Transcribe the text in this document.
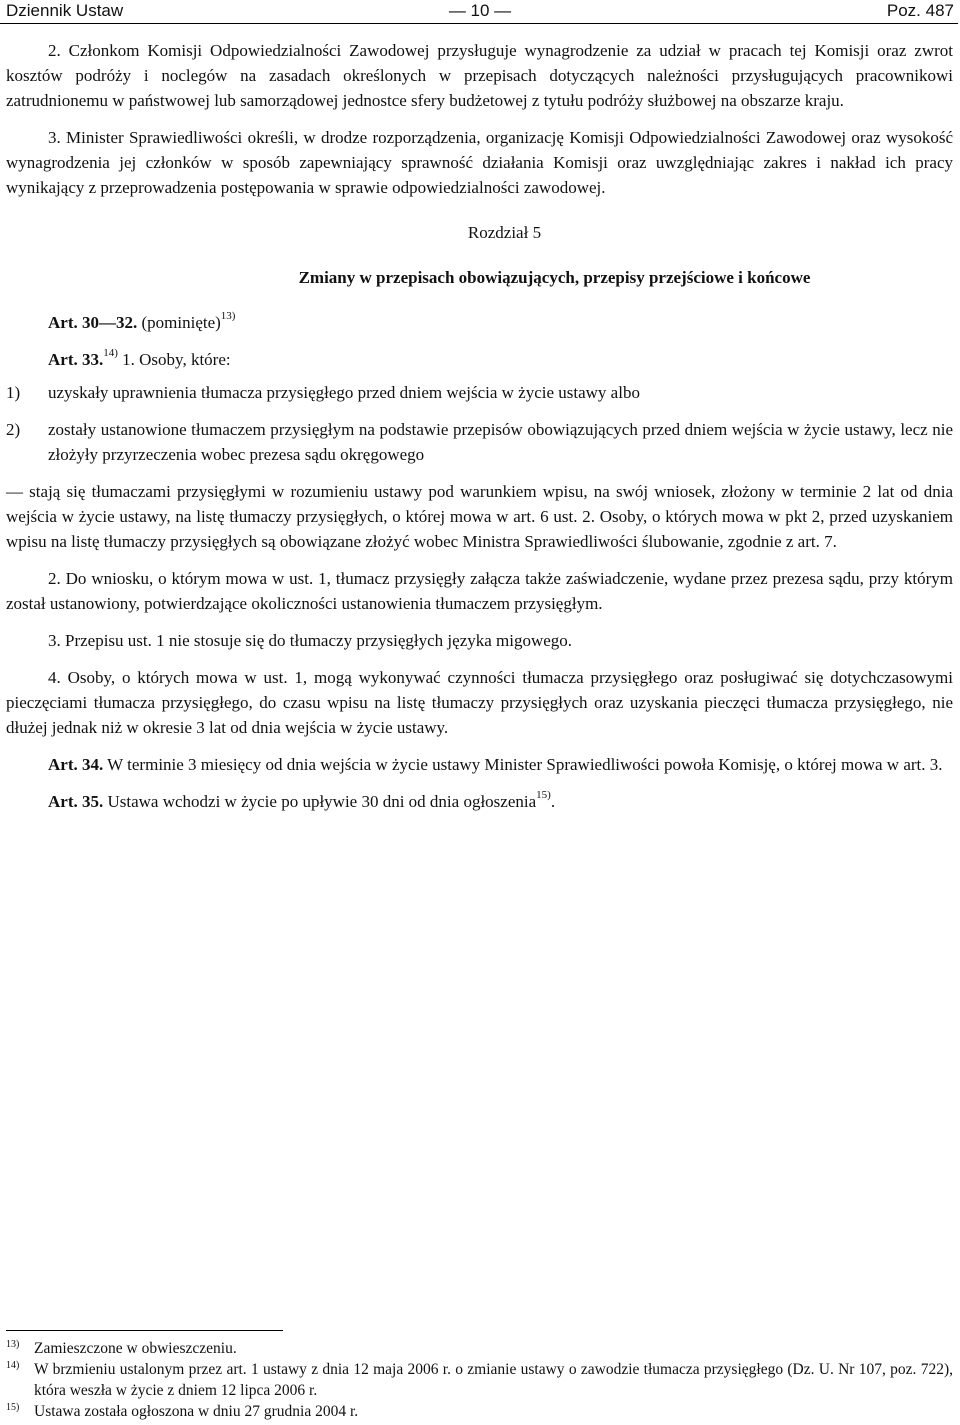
Dziennik Ustaw	— 10 —	Poz. 487

2. Członkom Komisji Odpowiedzialności Zawodowej przysługuje wynagrodzenie za udział w pracach tej Komisji oraz zwrot kosztów podróży i noclegów na zasadach określonych w przepisach dotyczących należności przysługujących pracownikowi zatrudnionemu w państwowej lub samorządowej jednostce sfery budżetowej z tytułu podróży służbowej na obszarze kraju.

3. Minister Sprawiedliwości określi, w drodze rozporządzenia, organizację Komisji Odpowiedzialności Zawodowej oraz wysokość wynagrodzenia jej członków w sposób zapewniający sprawność działania Komisji oraz uwzględniając zakres i nakład ich pracy wynikający z przeprowadzenia postępowania w sprawie odpowiedzialności zawodowej.

Rozdział 5

Zmiany w przepisach obowiązujących, przepisy przejściowe i końcowe

Art. 30—32. (pominięte)$^{13)}$

Art. 33.$^{14)}$ 1. Osoby, które:

1)	uzyskały uprawnienia tłumacza przysięgłego przed dniem wejścia w życie ustawy albo
2)	zostały ustanowione tłumaczem przysięgłym na podstawie przepisów obowiązujących przed dniem wejścia w życie ustawy, lecz nie złożyły przyrzeczenia wobec prezesa sądu okręgowego

— stają się tłumaczami przysięgłymi w rozumieniu ustawy pod warunkiem wpisu, na swój wniosek, złożony w terminie 2 lat od dnia wejścia w życie ustawy, na listę tłumaczy przysięgłych, o której mowa w art. 6 ust. 2. Osoby, o których mowa w pkt 2, przed uzyskaniem wpisu na listę tłumaczy przysięgłych są obowiązane złożyć wobec Ministra Sprawiedliwości ślubowanie, zgodnie z art. 7.

2. Do wniosku, o którym mowa w ust. 1, tłumacz przysięgły załącza także zaświadczenie, wydane przez prezesa sądu, przy którym został ustanowiony, potwierdzające okoliczności ustanowienia tłumaczem przysięgłym.

3. Przepisu ust. 1 nie stosuje się do tłumaczy przysięgłych języka migowego.

4. Osoby, o których mowa w ust. 1, mogą wykonywać czynności tłumacza przysięgłego oraz posługiwać się dotychczasowymi pieczęciami tłumacza przysięgłego, do czasu wpisu na listę tłumaczy przysięgłych oraz uzyskania pieczęci tłumacza przysięgłego, nie dłużej jednak niż w okresie 3 lat od dnia wejścia w życie ustawy.

Art. 34. W terminie 3 miesięcy od dnia wejścia w życie ustawy Minister Sprawiedliwości powoła Komisję, o której mowa w art. 3.

Art. 35. Ustawa wchodzi w życie po upływie 30 dni od dnia ogłoszenia$^{15)}$.

13) Zamieszczone w obwieszczeniu.
14) W brzmieniu ustalonym przez art. 1 ustawy z dnia 12 maja 2006 r. o zmianie ustawy o zawodzie tłumacza przysięgłego (Dz. U. Nr 107, poz. 722), która weszła w życie z dniem 12 lipca 2006 r.
15) Ustawa została ogłoszona w dniu 27 grudnia 2004 r.
